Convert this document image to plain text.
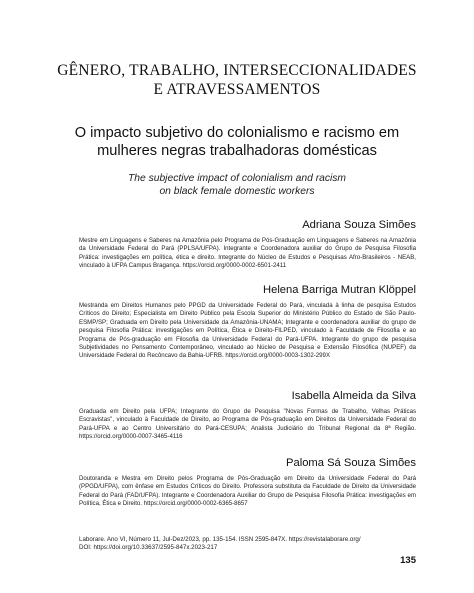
GÊNERO, TRABALHO, INTERSECCIONALIDADES
E ATRAVESSAMENTOS
O impacto subjetivo do colonialismo e racismo em
mulheres negras trabalhadoras domésticas
The subjective impact of colonialism and racism
on black female domestic workers
Adriana Souza Simões

Mestre em Linguagens e Saberes na Amazônia pelo Programa de Pós-Graduação em Linguagens e Saberes na Amazônia da Universidade Federal do Pará (PPLSA/UFPA). Integrante e Coordenadora auxiliar do Grupo de Pesquisa Filosofia Prática: investigações em política, ética e direito. Integrante do Núcleo de Estudos e Pesquisas Afro-Brasileiros - NEAB, vinculado à UFPA Campus Bragança. https://orcid.org/0000-0002-6501-2411

Helena Barriga Mutran Klöppel

Mestranda em Direitos Humanos pelo PPGD da Universidade Federal do Pará, vinculada à linha de pesquisa Estudos Críticos do Direito; Especialista em Direito Público pela Escola Superior do Ministério Público do Estado de São Paulo-ESMP/SP; Graduada em Direito pela Universidade da Amazônia-UNAMA; Integrante e coordenadora auxiliar do grupo de pesquisa Filosofia Prática: investigações em Política, Ética e Direito-FILPED, vinculado à Faculdade de Filosofia e ao Programa de Pós-graduação em Filosofia da Universidade Federal do Pará-UFPA. Integrante do grupo de pesquisa Subjetividades no Pensamento Contemporâneo, vinculado ao Núcleo de Pesquisa e Extensão Filosófica (NUPEF) da Universidade Federal do Recôncavo da Bahia-UFRB. https://orcid.org/0000-0003-1302-299X

Isabella Almeida da Silva

Graduada em Direito pela UFPA; Integrante do Grupo de Pesquisa "Novas Formas de Trabalho, Velhas Práticas Escravistas", vinculado à Faculdade de Direito, ao Programa de Pós-graduação em Direitos da Universidade Federal do Pará-UFPA e ao Centro Universitário do Pará-CESUPA; Analista Judiciário do Tribunal Regional da 8ª Região. https://orcid.org/0000-0007-3465-4116

Paloma Sá Souza Simões

Doutoranda e Mestra em Direito pelos Programa de Pós-Graduação em Direito da Universidade Federal do Pará (PPGD/UFPA), com ênfase em Estudos Críticos do Direito. Professora substituta da Faculdade de Direito da Universidade Federal do Pará (FAD/UFPA). Integrante e Coordenadora Auxiliar do Grupo de Pesquisa Filosofia Prática: investigações em Política, Ética e Direito. https://orcid.org/0000-0002-6365-8657

Laborare. Ano VI, Número 11, Jul-Dez/2023, pp. 135-154. ISSN 2595-847X. https://revistalaborare.org/
DOI: https://doi.org/10.33637/2595-847x.2023-217
135
